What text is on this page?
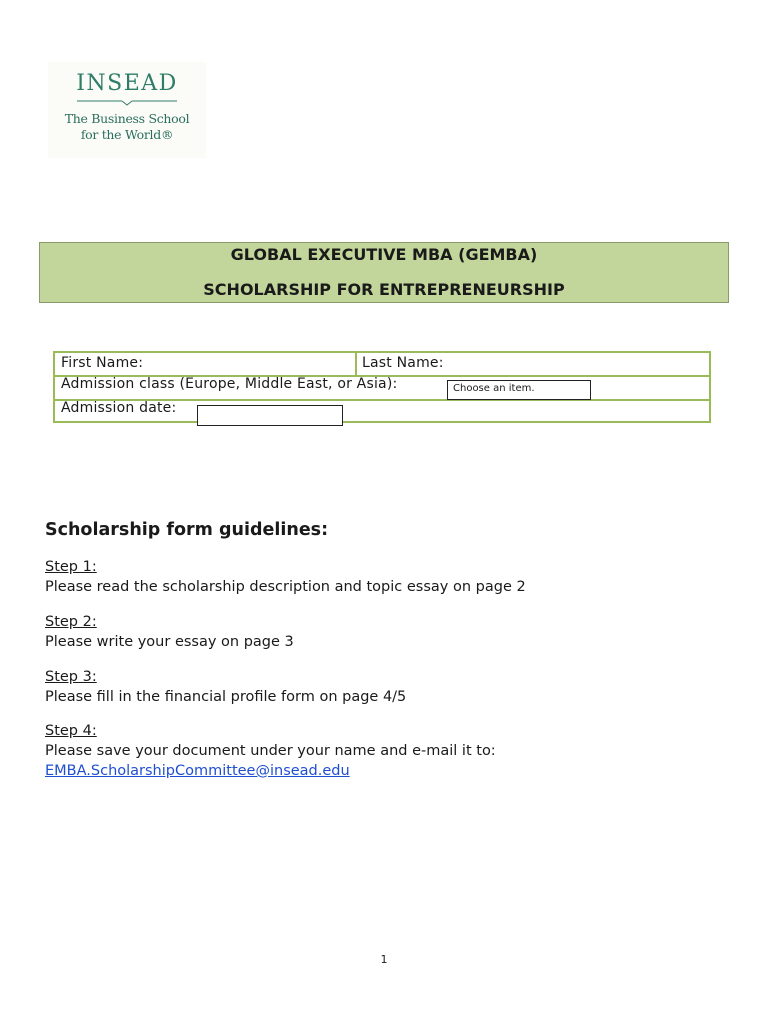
INSEAD
The Business School
for the World®
GLOBAL EXECUTIVE MBA (GEMBA)
SCHOLARSHIP FOR ENTREPRENEURSHIP
First Name:	Last Name:
Admission class (Europe, Middle East, or Asia):	Choose an item.
Admission date:
Scholarship form guidelines:
Step 1:
Please read the scholarship description and topic essay on page 2
Step 2:
Please write your essay on page 3
Step 3:
Please fill in the financial profile form on page 4/5
Step 4:
Please save your document under your name and e-mail it to:
EMBA.ScholarshipCommittee@insead.edu
1
